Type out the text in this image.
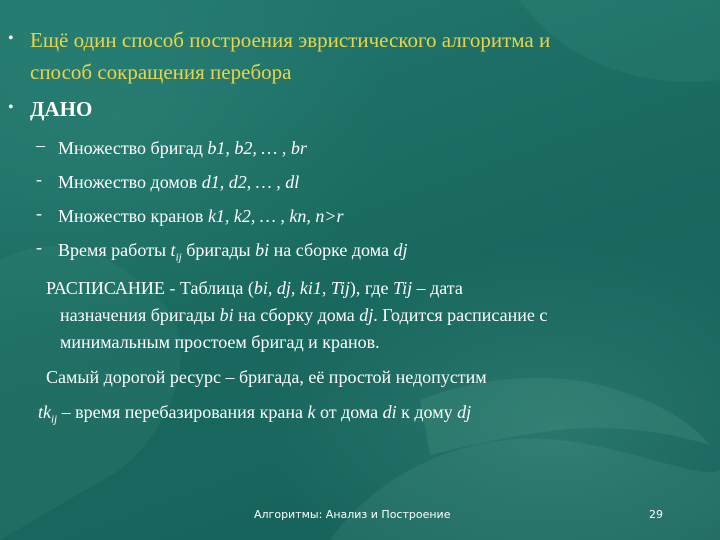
• Ещё один способ построения эвристического алгоритма и
способ сокращения перебора
• ДАНО
– Множество бригад b1, b2, … , br
- Множество домов d1, d2, … , dl
- Множество кранов k1, k2, … , kn, n>r
- Время работы $t_{ij}$ бригады bi на сборке дома dj
РАСПИСАНИЕ - Таблица (bi, dj, ki1, Tij), где Tij – дата
назначения бригады bi на сборку дома dj. Годится расписание с
минимальным простоем бригад и кранов.
Самый дорогой ресурс – бригада, её простой недопустим
$tk_{ij}$ – время перебазирования крана k от дома di к дому dj
Алгоритмы: Анализ и Построение	29
